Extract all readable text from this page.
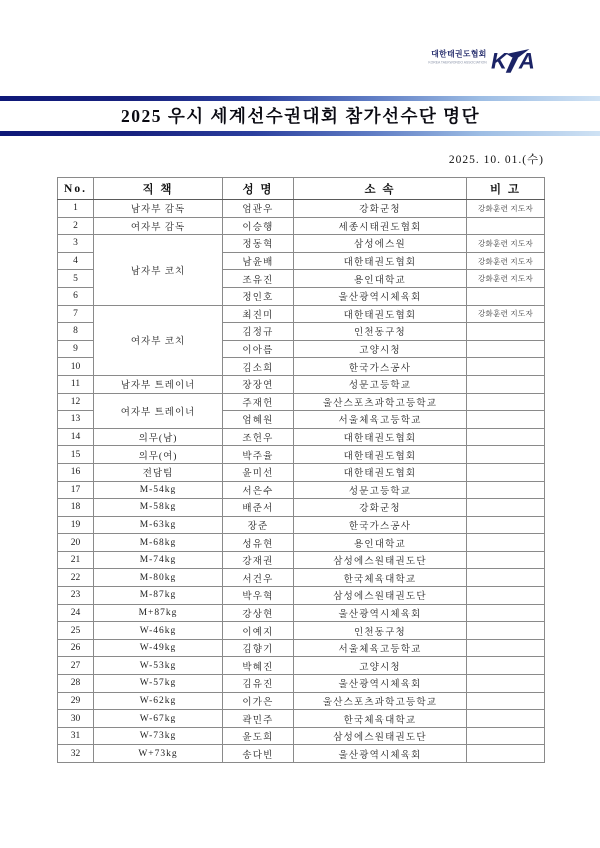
대한태권도협회
KOREA TAEKWONDO ASSOCIATION K A
2025 우시 세계선수권대회 참가선수단 명단
2025. 10. 01.(수)
No.	직 책	성 명	소 속	비 고
1	남자부 감독	엄관우	강화군청	강화훈련 지도자
2	여자부 감독	이승행	세종시태권도협회	
3	남자부 코치	정동혁	삼성에스원	강화훈련 지도자
4		남윤배	대한태권도협회	강화훈련 지도자
5		조유진	용인대학교	강화훈련 지도자
6		정인호	울산광역시체육회	
7	여자부 코치	최진미	대한태권도협회	강화훈련 지도자
8		김정규	인천동구청	
9		이아름	고양시청	
10		김소희	한국가스공사	
11	남자부 트레이너	장장연	성문고등학교	
12	여자부 트레이너	주재헌	울산스포츠과학고등학교	
13		엄혜원	서울체육고등학교	
14	의무(남)	조헌우	대한태권도협회	
15	의무(여)	박주율	대한태권도협회	
16	전담팀	윤미선	대한태권도협회	
17	M-54kg	서은수	성문고등학교	
18	M-58kg	배준서	강화군청	
19	M-63kg	장준	한국가스공사	
20	M-68kg	성유현	용인대학교	
21	M-74kg	강재권	삼성에스원태권도단	
22	M-80kg	서건우	한국체육대학교	
23	M-87kg	박우혁	삼성에스원태권도단	
24	M+87kg	강상현	울산광역시체육회	
25	W-46kg	이예지	인천동구청	
26	W-49kg	김향기	서울체육고등학교	
27	W-53kg	박혜진	고양시청	
28	W-57kg	김유진	울산광역시체육회	
29	W-62kg	이가은	울산스포츠과학고등학교	
30	W-67kg	곽민주	한국체육대학교	
31	W-73kg	윤도희	삼성에스원태권도단	
32	W+73kg	송다빈	울산광역시체육회	
